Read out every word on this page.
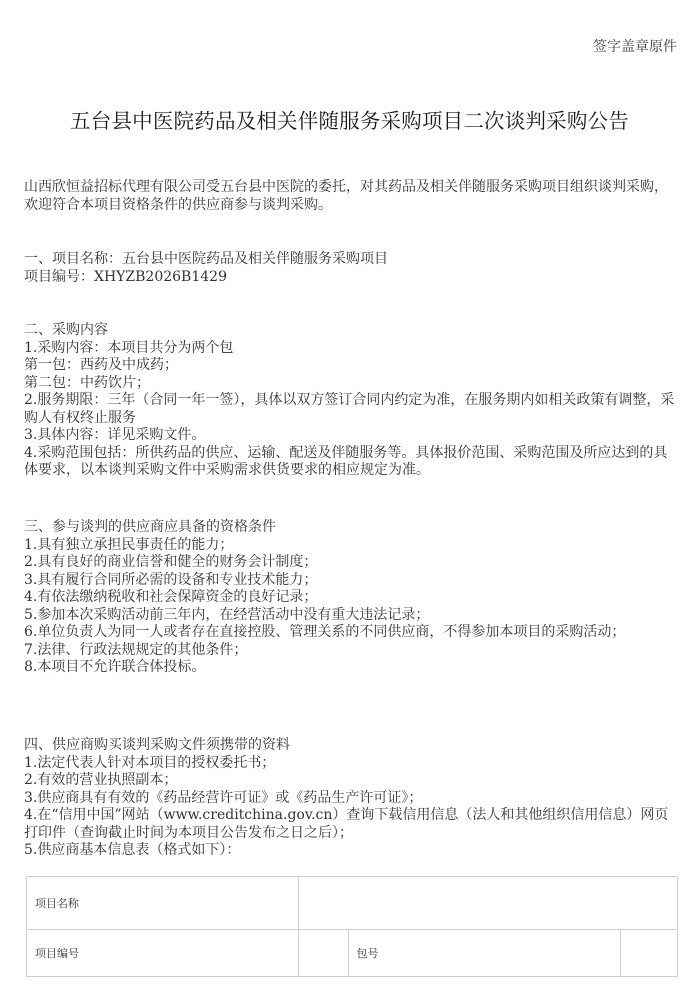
签字盖章原件
五台县中医院药品及相关伴随服务采购项目二次谈判采购公告
山西欣恒益招标代理有限公司受五台县中医院的委托，对其药品及相关伴随服务采购项目组织谈判采购，欢迎符合本项目资格条件的供应商参与谈判采购。
一、项目名称：五台县中医院药品及相关伴随服务采购项目
项目编号：XHYZB2026B1429
二、采购内容
1.采购内容：本项目共分为两个包
第一包：西药及中成药；
第二包：中药饮片；
2.服务期限：三年（合同一年一签），具体以双方签订合同内约定为准，在服务期内如相关政策有调整，采购人有权终止服务
3.具体内容：详见采购文件。
4.采购范围包括：所供药品的供应、运输、配送及伴随服务等。具体报价范围、采购范围及所应达到的具体要求，以本谈判采购文件中采购需求供货要求的相应规定为准。
三、参与谈判的供应商应具备的资格条件
1.具有独立承担民事责任的能力；
2.具有良好的商业信誉和健全的财务会计制度；
3.具有履行合同所必需的设备和专业技术能力；
4.有依法缴纳税收和社会保障资金的良好记录；
5.参加本次采购活动前三年内，在经营活动中没有重大违法记录；
6.单位负责人为同一人或者存在直接控股、管理关系的不同供应商，不得参加本项目的采购活动；
7.法律、行政法规规定的其他条件；
8.本项目不允许联合体投标。
四、供应商购买谈判采购文件须携带的资料
1.法定代表人针对本项目的授权委托书；
2.有效的营业执照副本；
3.供应商具有有效的《药品经营许可证》或《药品生产许可证》；
4.在“信用中国”网站（www.creditchina.gov.cn）查询下载信用信息（法人和其他组织信用信息）网页打印件（查询截止时间为本项目公告发布之日之后）；
5.供应商基本信息表（格式如下）：
项目名称			
项目编号		包号	
